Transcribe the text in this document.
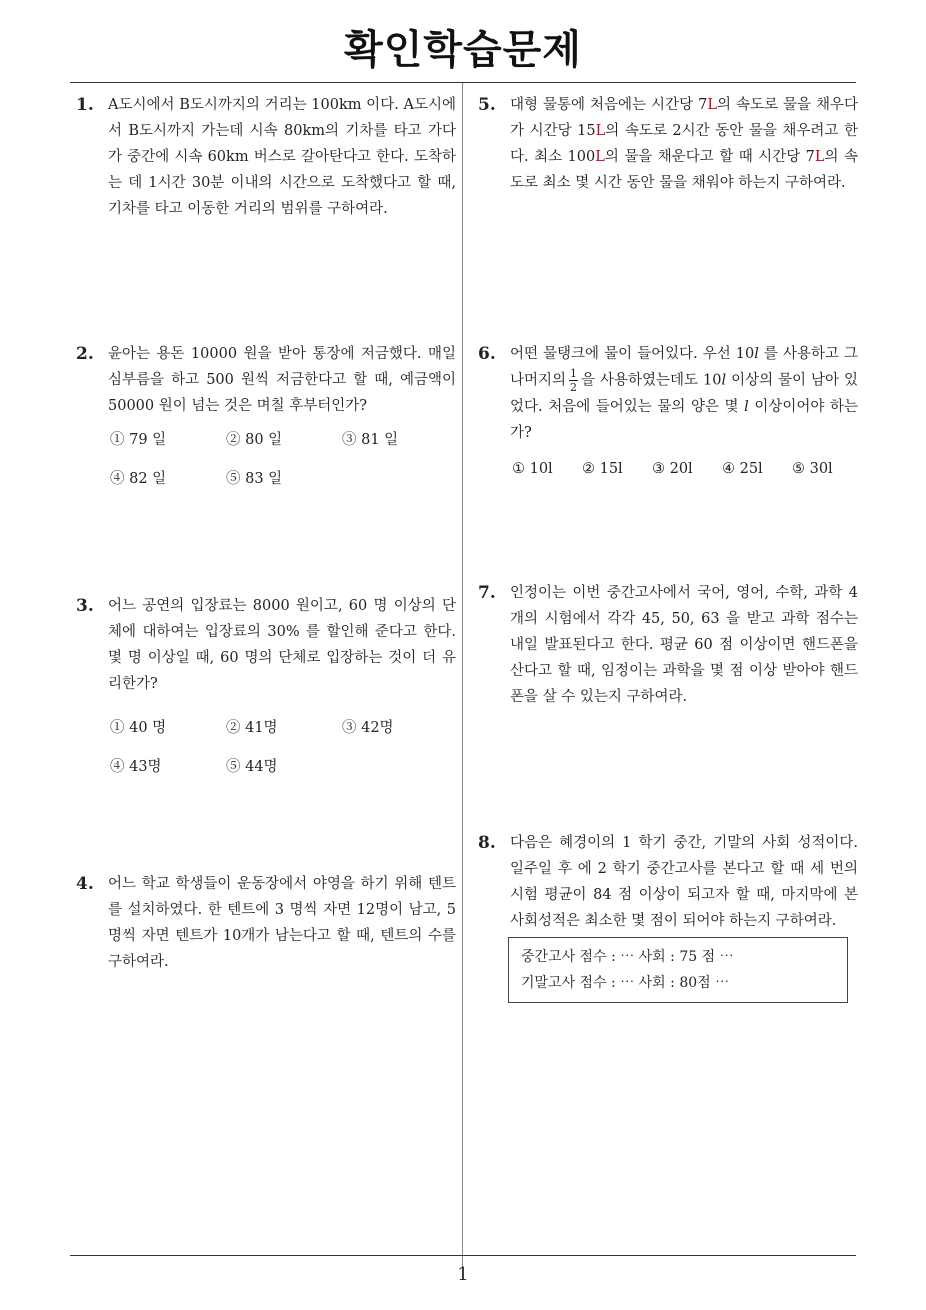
확인학습문제
1. A도시에서 B도시까지의 거리는 100km 이다. A도시에서 B도시까지 가는데 시속 80km의 기차를 타고 가다가 중간에 시속 60km 버스로 갈아탄다고 한다. 도착하는 데 1시간 30분 이내의 시간으로 도착했다고 할 때, 기차를 타고 이동한 거리의 범위를 구하여라.
2. 윤아는 용돈 10000 원을 받아 통장에 저금했다. 매일 심부름을 하고 500 원씩 저금한다고 할 때, 예금액이 50000 원이 넘는 것은 며칠 후부터인가?
① 79 일	② 80 일	③ 81 일
④ 82 일	⑤ 83 일
3. 어느 공연의 입장료는 8000 원이고, 60 명 이상의 단체에 대하여는 입장료의 30% 를 할인해 준다고 한다. 몇 명 이상일 때, 60 명의 단체로 입장하는 것이 더 유리한가?
① 40 명	② 41명	③ 42명
④ 43명	⑤ 44명
4. 어느 학교 학생들이 운동장에서 야영을 하기 위해 텐트를 설치하였다. 한 텐트에 3 명씩 자면 12명이 남고, 5 명씩 자면 텐트가 10개가 남는다고 할 때, 텐트의 수를 구하여라.
5. 대형 물통에 처음에는 시간당 7L의 속도로 물을 채우다가 시간당 15L의 속도로 2시간 동안 물을 채우려고 한다. 최소 100L의 물을 채운다고 할 때 시간당 7L의 속도로 최소 몇 시간 동안 물을 채워야 하는지 구하여라.
6. 어떤 물탱크에 물이 들어있다. 우선 10l 를 사용하고 그 나머지의 $\frac{1}{2}$ 을 사용하였는데도 10l 이상의 물이 남아 있었다. 처음에 들어있는 물의 양은 몇 l 이상이어야 하는가?
① 10l ② 15l ③ 20l ④ 25l ⑤ 30l
7. 인정이는 이번 중간고사에서 국어, 영어, 수학, 과학 4 개의 시험에서 각각 45, 50, 63 을 받고 과학 점수는 내일 발표된다고 한다. 평균 60 점 이상이면 핸드폰을 산다고 할 때, 임정이는 과학을 몇 점 이상 받아야 핸드폰을 살 수 있는지 구하여라.
8. 다음은 혜경이의 1 학기 중간, 기말의 사회 성적이다. 일주일 후 에 2 학기 중간고사를 본다고 할 때 세 번의 시험 평균이 84 점 이상이 되고자 할 때, 마지막에 본 사회성적은 최소한 몇 점이 되어야 하는지 구하여라.
중간고사 점수 : ⋯ 사회 : 75 점 ⋯
기말고사 점수 : ⋯ 사회 : 80점 ⋯
1
